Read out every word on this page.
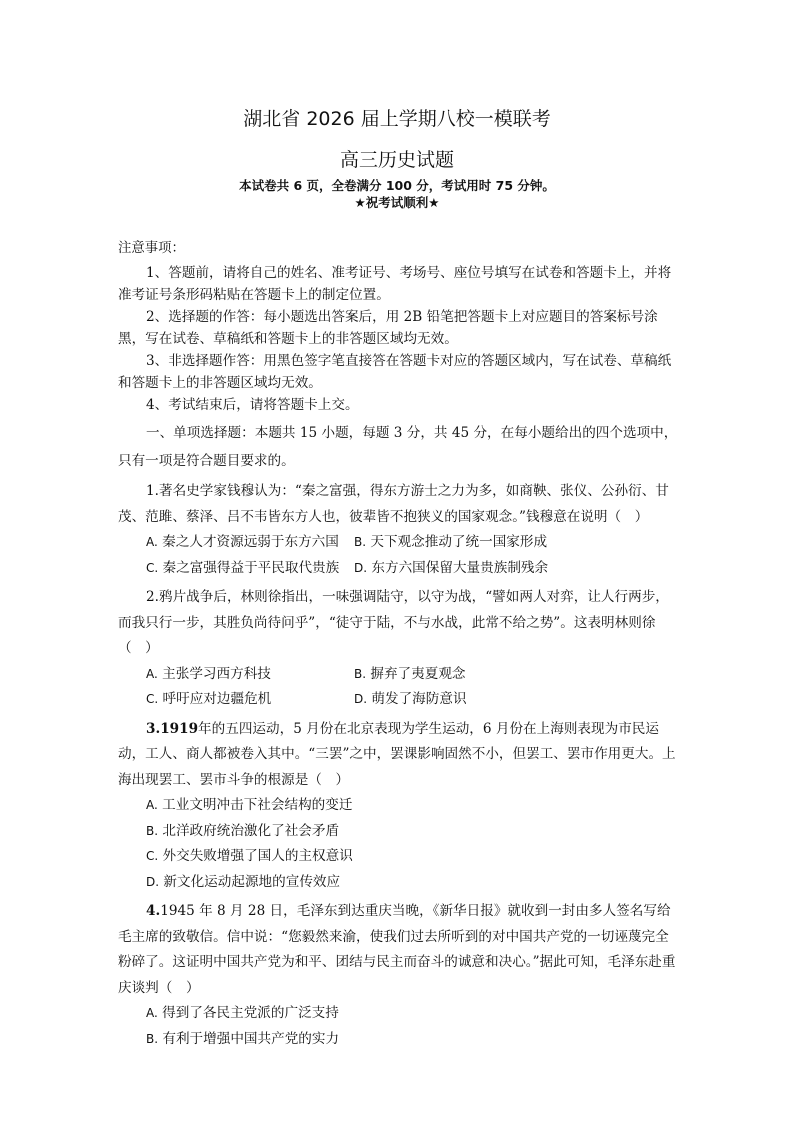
湖北省 2026 届上学期八校一模联考
高三历史试题
本试卷共 6 页，全卷满分 100 分，考试用时 75 分钟。
★祝考试顺利★

注意事项：

1、答题前，请将自己的姓名、准考证号、考场号、座位号填写在试卷和答题卡上，并将准考证号条形码粘贴在答题卡上的制定位置。

2、选择题的作答：每小题选出答案后，用 2B 铅笔把答题卡上对应题目的答案标号涂黑，写在试卷、草稿纸和答题卡上的非答题区域均无效。

3、非选择题作答：用黑色签字笔直接答在答题卡对应的答题区域内，写在试卷、草稿纸和答题卡上的非答题区域均无效。

4、考试结束后，请将答题卡上交。

一、单项选择题：本题共 15 小题，每题 3 分，共 45 分，在每小题给出的四个选项中，只有一项是符合题目要求的。

1.著名史学家钱穆认为：“秦之富强，得东方游士之力为多，如商鞅、张仪、公孙衍、甘茂、范雎、蔡泽、吕不韦皆东方人也，彼辈皆不抱狭义的国家观念。”钱穆意在说明（　）

A. 秦之人才资源远弱于东方六国	B. 天下观念推动了统一国家形成
C. 秦之富强得益于平民取代贵族	D. 东方六国保留大量贵族制残余

2.鸦片战争后，林则徐指出，一味强调陆守，以守为战，“譬如两人对弈，让人行两步，而我只行一步，其胜负尚待问乎”，“徒守于陆，不与水战，此常不给之势”。这表明林则徐（　）

A. 主张学习西方科技	B. 摒弃了夷夏观念
C. 呼吁应对边疆危机	D. 萌发了海防意识

3.1919年的五四运动，5 月份在北京表现为学生运动，6 月份在上海则表现为市民运动，工人、商人都被卷入其中。“三罢”之中，罢课影响固然不小，但罢工、罢市作用更大。上海出现罢工、罢市斗争的根源是（　）

A. 工业文明冲击下社会结构的变迁
B. 北洋政府统治激化了社会矛盾
C. 外交失败增强了国人的主权意识
D. 新文化运动起源地的宣传效应

4.1945 年 8 月 28 日，毛泽东到达重庆当晚，《新华日报》就收到一封由多人签名写给毛主席的致敬信。信中说：“您毅然来渝，使我们过去所听到的对中国共产党的一切诬蔑完全粉碎了。这证明中国共产党为和平、团结与民主而奋斗的诚意和决心。”据此可知，毛泽东赴重庆谈判（　）

A. 得到了各民主党派的广泛支持
B. 有利于增强中国共产党的实力
